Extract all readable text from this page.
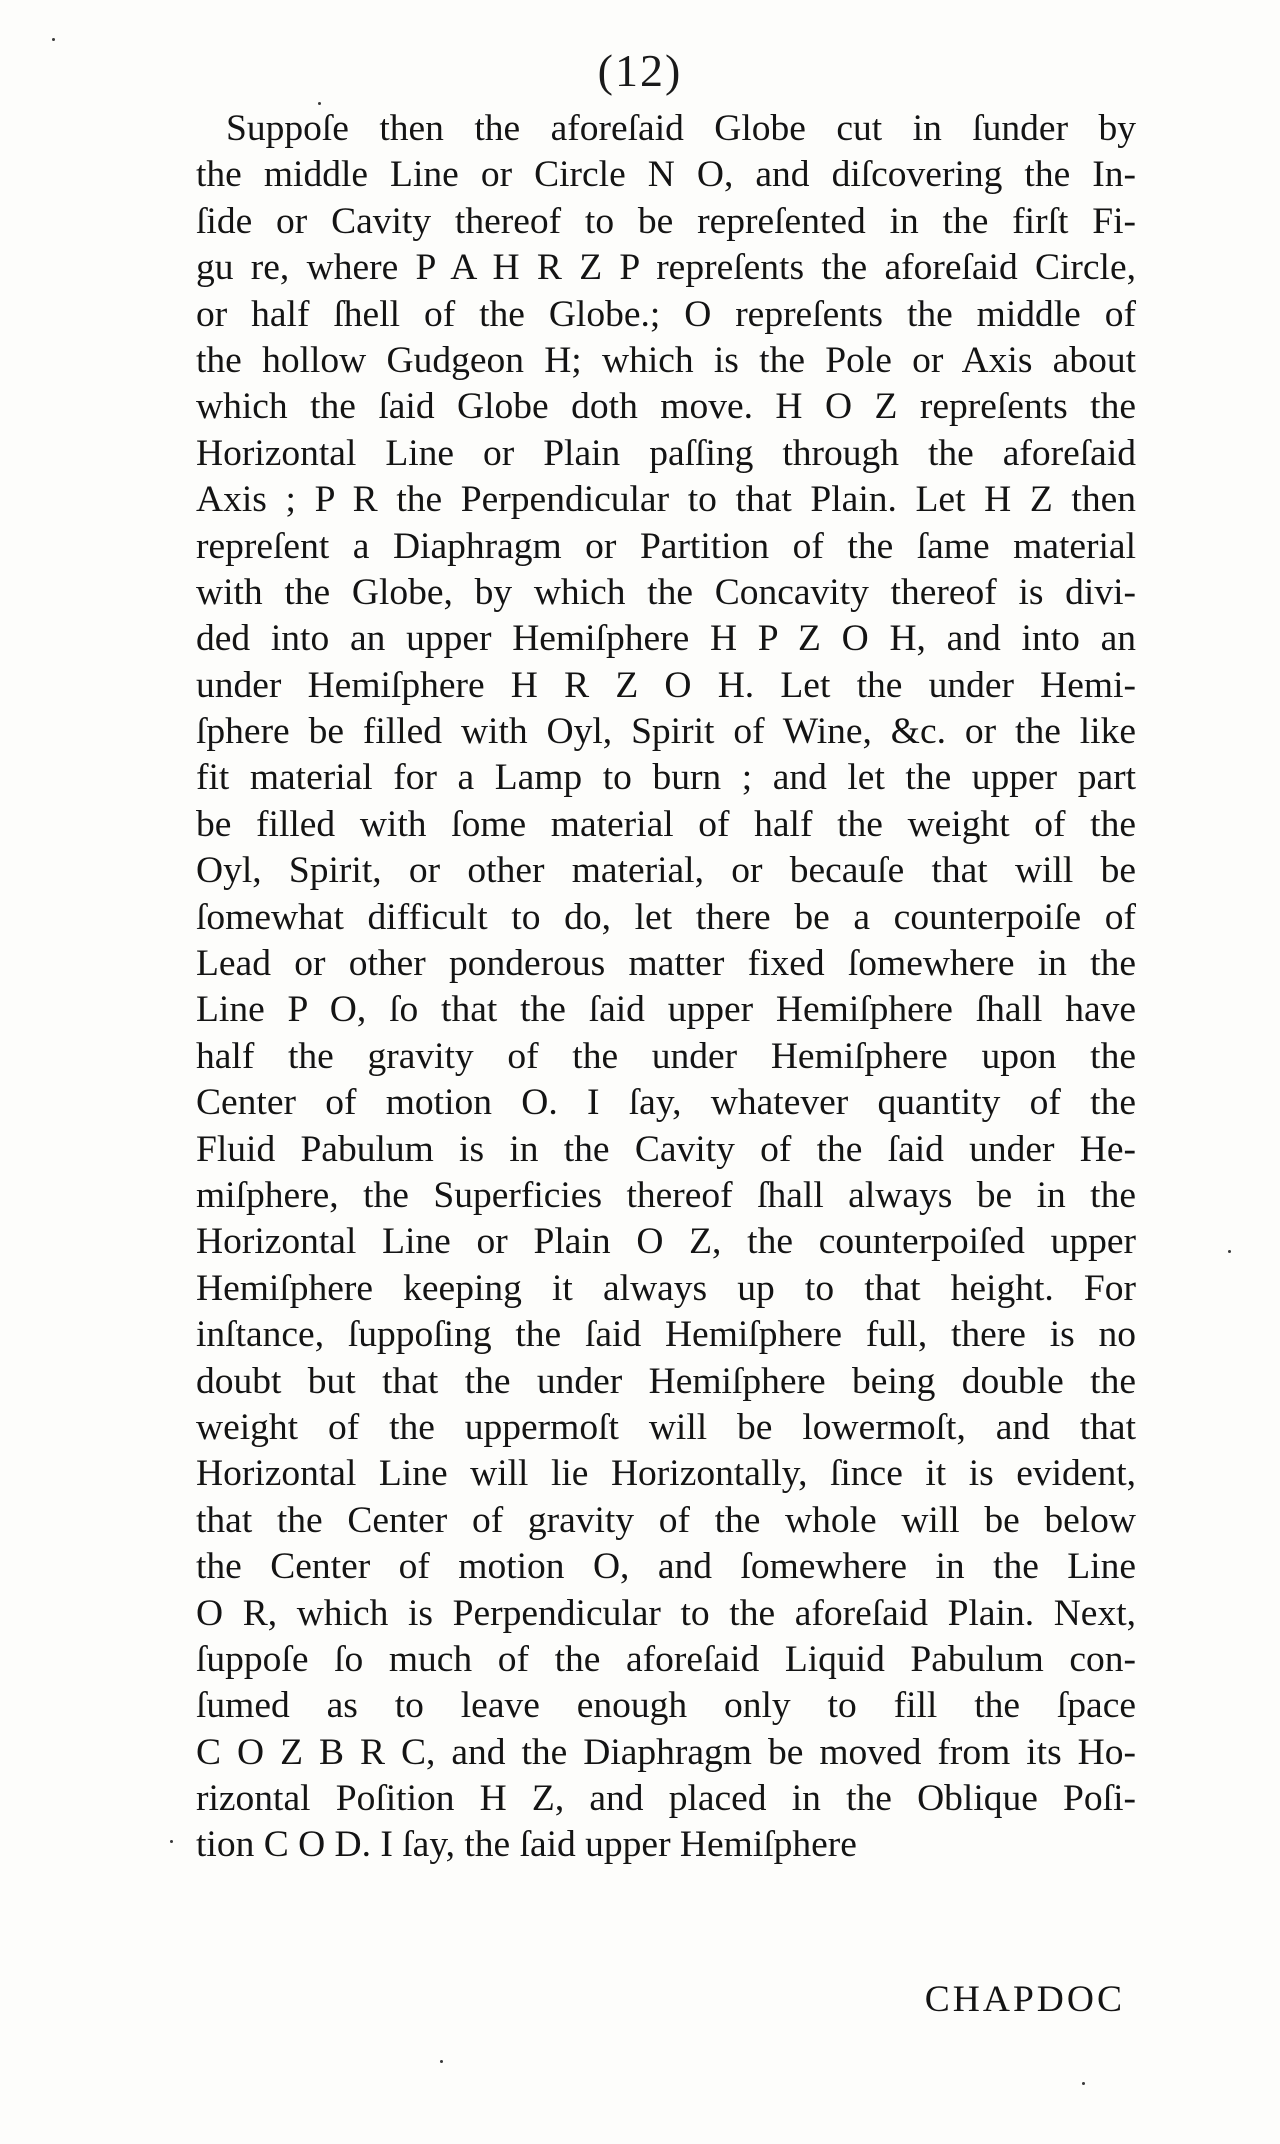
(12)
Suppoſe then the aforeſaid Globe cut in ſunder by
the middle Line or Circle N O, and diſcovering the In-
ſide or Cavity thereof to be repreſented in the firſt Fi-
gu re, where P A H R Z P repreſents the aforeſaid Circle,
or half ſhell of the Globe.; O repreſents the middle of
the hollow Gudgeon H; which is the Pole or Axis about
which the ſaid Globe doth move. H O Z repreſents the
Horizontal Line or Plain paſſing through the aforeſaid
Axis ; P R the Perpendicular to that Plain. Let H Z then
repreſent a Diaphragm or Partition of the ſame material
with the Globe, by which the Concavity thereof is divi-
ded into an upper Hemiſphere H P Z O H, and into an
under Hemiſphere H R Z O H. Let the under Hemi-
ſphere be filled with Oyl, Spirit of Wine, &c. or the like
fit material for a Lamp to burn ; and let the upper part
be filled with ſome material of half the weight of the
Oyl, Spirit, or other material, or becauſe that will be
ſomewhat difficult to do, let there be a counterpoiſe of
Lead or other ponderous matter fixed ſomewhere in the
Line P O, ſo that the ſaid upper Hemiſphere ſhall have
half the gravity of the under Hemiſphere upon the
Center of motion O. I ſay, whatever quantity of the
Fluid Pabulum is in the Cavity of the ſaid under He-
miſphere, the Superficies thereof ſhall always be in the
Horizontal Line or Plain O Z, the counterpoiſed upper
Hemiſphere keeping it always up to that height. For
inſtance, ſuppoſing the ſaid Hemiſphere full, there is no
doubt but that the under Hemiſphere being double the
weight of the uppermoſt will be lowermoſt, and that
Horizontal Line will lie Horizontally, ſince it is evident,
that the Center of gravity of the whole will be below
the Center of motion O, and ſomewhere in the Line
O R, which is Perpendicular to the aforeſaid Plain. Next,
ſuppoſe ſo much of the aforeſaid Liquid Pabulum con-
ſumed as to leave enough only to fill the ſpace
C O Z B R C, and the Diaphragm be moved from its Ho-
rizontal Poſition H Z, and placed in the Oblique Poſi-
tion C O D. I ſay, the ſaid upper Hemiſphere
CHAPDOC
